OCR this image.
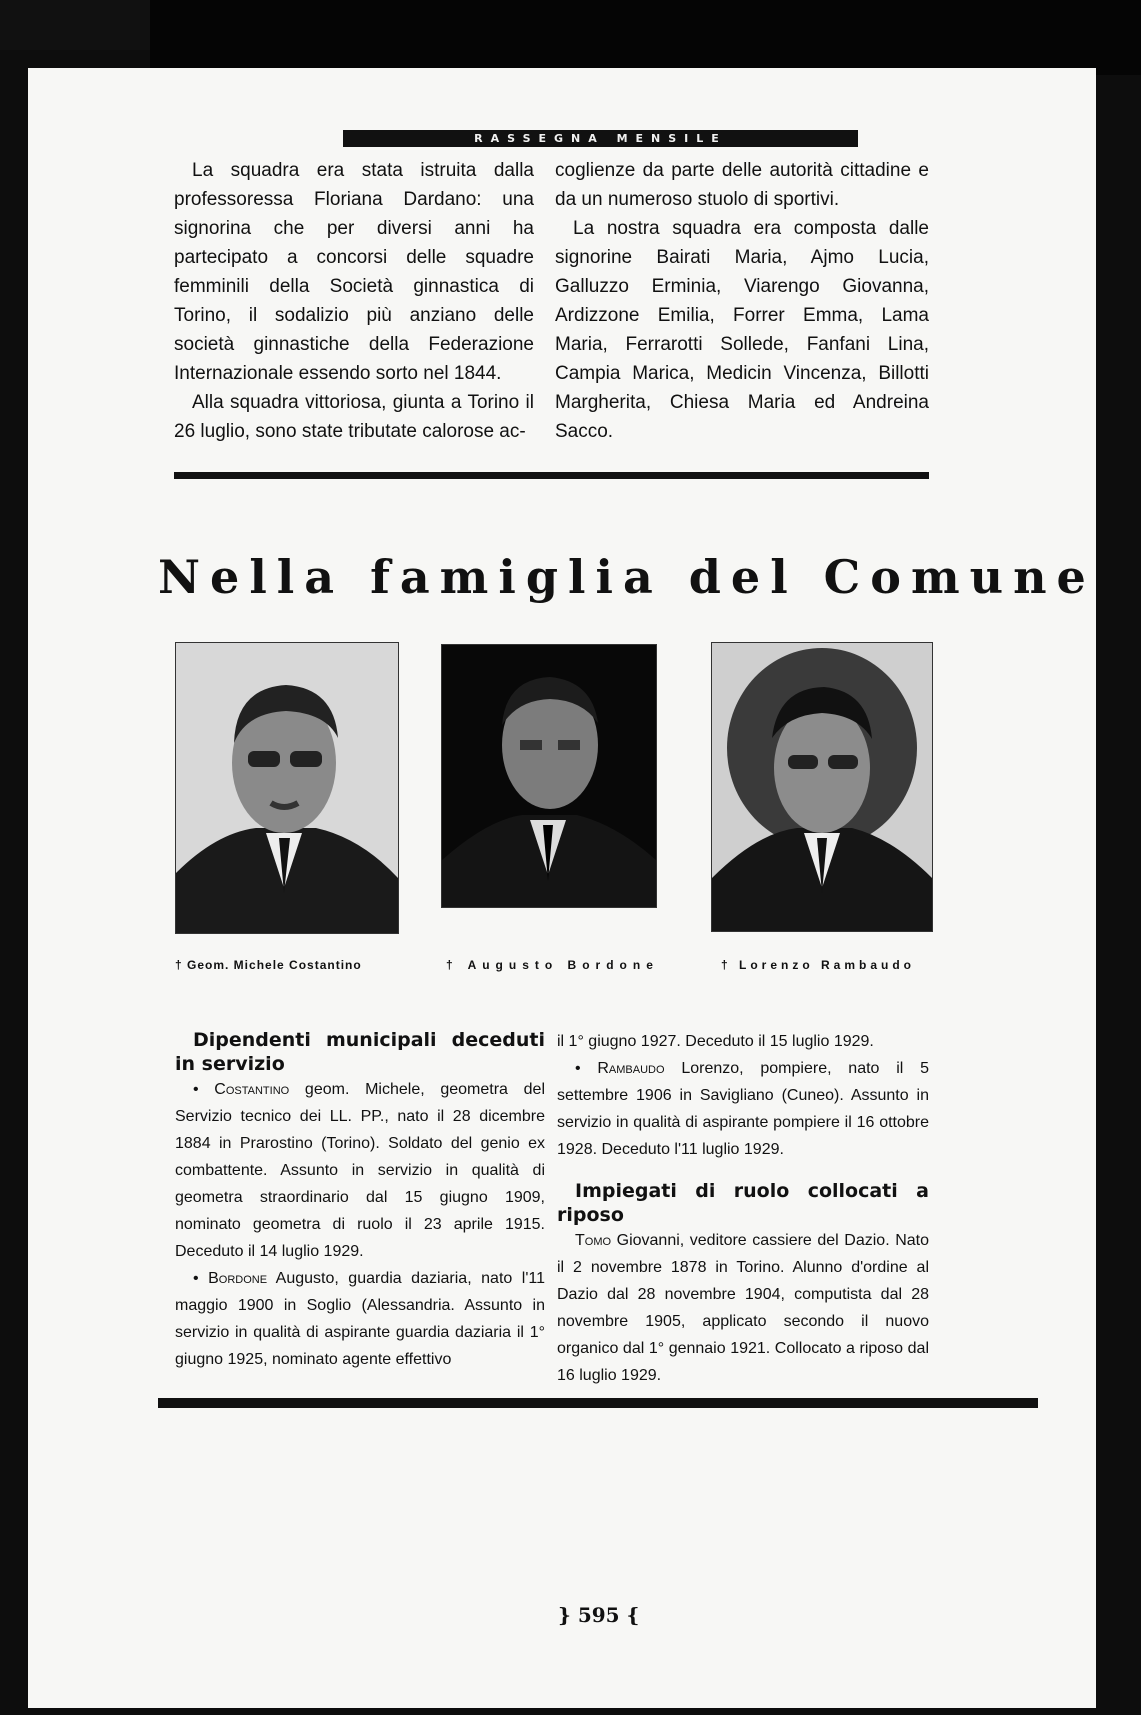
RASSEGNA MENSILE

La squadra era stata istruita dalla professoressa Floriana Dardano: una signorina che per diversi anni ha partecipato a concorsi delle squadre femminili della Società ginnastica di Torino, il sodalizio più anziano delle società ginnastiche della Federazione Internazionale essendo sorto nel 1844.

Alla squadra vittoriosa, giunta a Torino il 26 luglio, sono state tributate calorose ac-

coglienze da parte delle autorità cittadine e da un numeroso stuolo di sportivi.

La nostra squadra era composta dalle signorine Bairati Maria, Ajmo Lucia, Galluzzo Erminia, Viarengo Giovanna, Ardizzone Emilia, Forrer Emma, Lama Maria, Ferrarotti Sollede, Fanfani Lina, Campia Marica, Medicin Vincenza, Billotti Margherita, Chiesa Maria ed Andreina Sacco.

Nella famiglia del Comune
† Geom. Michele Costantino	† Augusto Bordone	† Lorenzo Rambaudo

Dipendenti municipali deceduti in servizio

• Costantino geom. Michele, geometra del Servizio tecnico dei LL. PP., nato il 28 dicembre 1884 in Prarostino (Torino). Soldato del genio ex combattente. Assunto in servizio in qualità di geometra straordinario dal 15 giugno 1909, nominato geometra di ruolo il 23 aprile 1915. Deceduto il 14 luglio 1929.

• Bordone Augusto, guardia daziaria, nato l'11 maggio 1900 in Soglio (Alessandria. Assunto in servizio in qualità di aspirante guardia daziaria il 1° giugno 1925, nominato agente effettivo

il 1° giugno 1927. Deceduto il 15 luglio 1929.

• Rambaudo Lorenzo, pompiere, nato il 5 settembre 1906 in Savigliano (Cuneo). Assunto in servizio in qualità di aspirante pompiere il 16 ottobre 1928. Deceduto l'11 luglio 1929.

Impiegati di ruolo collocati a riposo

Tomo Giovanni, veditore cassiere del Dazio. Nato il 2 novembre 1878 in Torino. Alunno d'ordine al Dazio dal 28 novembre 1904, computista dal 28 novembre 1905, applicato secondo il nuovo organico dal 1° gennaio 1921. Collocato a riposo dal 16 luglio 1929.

} 595 {
